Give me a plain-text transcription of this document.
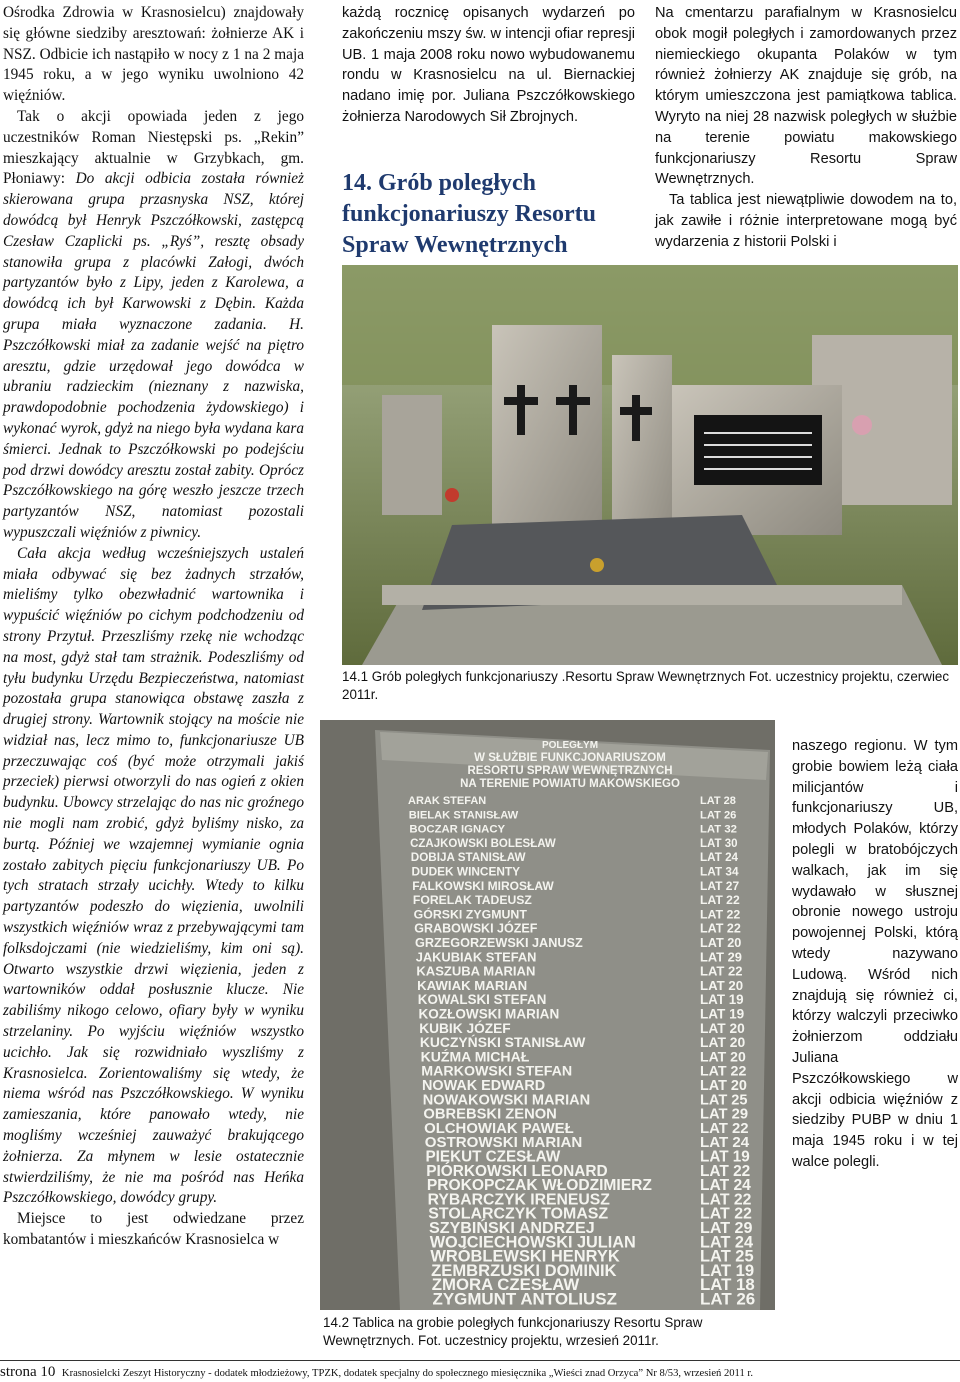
Ośrodka Zdrowia w Krasnosielcu) znajdowały się główne siedziby aresztowań: żołnierze AK i NSZ. Odbicie ich nastąpiło w nocy z 1 na 2 maja 1945 roku, a w jego wyniku uwolniono 42 więźniów.

Tak o akcji opowiada jeden z jego uczestników Roman Niestępski ps. „Rekin” mieszkający aktualnie w Grzybkach, gm. Płoniawy: Do akcji odbicia została również skierowana grupa przasnyska NSZ, której dowódcą był Henryk Pszczółkowski, zastępcą Czesław Czaplicki ps. „Ryś”, resztę obsady stanowiła grupa z placówki Załogi, dwóch partyzantów było z Lipy, jeden z Karolewa, a dowódcą ich był Karwowski z Dębin. Każda grupa miała wyznaczone zadania. H. Pszczółkowski miał za zadanie wejść na piętro aresztu, gdzie urzędował jego dowódca w ubraniu radzieckim (nieznany z nazwiska, prawdopodobnie pochodzenia żydowskiego) i wykonać wyrok, gdyż na niego była wydana kara śmierci. Jednak to Pszczółkowski po podejściu pod drzwi dowódcy aresztu został zabity. Oprócz Pszczółkowskiego na górę weszło jeszcze trzech partyzantów NSZ, natomiast pozostali wypuszczali więźniów z piwnicy.

Cała akcja według wcześniejszych ustaleń miała odbywać się bez żadnych strzałów, mieliśmy tylko obezwładnić wartownika i wypuścić więźniów po cichym podchodzeniu od strony Przytuł. Przeszliśmy rzekę nie wchodząc na most, gdyż stał tam strażnik. Podeszliśmy od tyłu budynku Urzędu Bezpieczeństwa, natomiast pozostała grupa stanowiąca obstawę zaszła z drugiej strony. Wartownik stojący na moście nie widział nas, lecz mimo to, funkcjonariusze UB przeczuwając coś (być może otrzymali jakiś przeciek) pierwsi otworzyli do nas ogień z okien budynku. Ubowcy strzelając do nas nic groźnego nie mogli nam zrobić, gdyż byliśmy nisko, za burtą. Później we wzajemnej wymianie ognia zostało zabitych pięciu funkcjonariuszy UB. Po tych stratach strzały ucichły. Wtedy to kilku partyzantów podeszło do więzienia, uwolnili wszystkich więźniów wraz z przebywającymi tam folksdojczami (nie wiedzieliśmy, kim oni są). Otwarto wszystkie drzwi więzienia, jeden z wartowników oddał posłusznie klucze. Nie zabiliśmy nikogo celowo, ofiary były w wyniku strzelaniny. Po wyjściu więźniów wszystko ucichło. Jak się rozwidniało wyszliśmy z Krasnosielca. Zorientowaliśmy się wtedy, że niema wśród nas Pszczółkowskiego. W wyniku zamieszania, które panowało wtedy, nie mogliśmy wcześniej zauważyć brakującego żołnierza. Za młynem w lesie ostatecznie stwierdziliśmy, że nie ma pośród nas Heńka Pszczółkowskiego, dowódcy grupy.

Miejsce to jest odwiedzane przez kombatantów i mieszkańców Krasnosielca w

każdą rocznicę opisanych wydarzeń po zakończeniu mszy św. w intencji ofiar represji UB. 1 maja 2008 roku nowo wybudowanemu rondu w Krasnosielcu na ul. Biernackiej nadano imię por. Juliana Pszczółkowskiego żołnierza Narodowych Sił Zbrojnych.

14. Grób poległych
funkcjonariuszy Resortu
Spraw Wewnętrznych

Na cmentarzu parafialnym w Krasnosielcu obok mogił poległych i zamordowanych przez niemieckiego okupanta Polaków w tym również żołnierzy AK znajduje się grób, na którym umieszczona jest pamiątkowa tablica. Wyryto na niej 28 nazwisk poległych w służbie na terenie powiatu makowskiego funkcjonariuszy Resortu Spraw Wewnętrznych.

Ta tablica jest niewątpliwie dowodem na to, jak zawiłe i różnie interpretowane mogą być wydarzenia z historii Polski i

14.1 Grób poległych funkcjonariuszy .Resortu Spraw Wewnętrznych Fot. uczestnicy projektu, czerwiec 2011r.
POLEGŁYM
W SŁUŻBIE FUNKCJONARIUSZOM
RESORTU SPRAW WEWNĘTRZNYCH
NA TERENIE POWIATU MAKOWSKIEGO
ARAK STEFAN	LAT 28
BIELAK STANISŁAW	LAT 26
BOCZAR IGNACY	LAT 32
CZAJKOWSKI BOLESŁAW	LAT 30
DOBIJA STANISŁAW	LAT 24
DUDEK WINCENTY	LAT 34
FALKOWSKI MIROSŁAW	LAT 27
FORELAK TADEUSZ	LAT 22
GÓRSKI ZYGMUNT	LAT 22
GRABOWSKI JÓZEF	LAT 22
GRZEGORZEWSKI JANUSZ	LAT 20
JAKUBIAK STEFAN	LAT 29
KASZUBA MARIAN	LAT 22
KAWIAK MARIAN	LAT 20
KOWALSKI STEFAN	LAT 19
KOZŁOWSKI MARIAN	LAT 19
KUBIK JÓZEF	LAT 20
KUCZYŃSKI STANISŁAW	LAT 20
KUŹMA MICHAŁ	LAT 20
MARKOWSKI STEFAN	LAT 22
NOWAK EDWARD	LAT 20
NOWAKOWSKI MARIAN	LAT 25
OBREBSKI ZENON	LAT 29
OLCHOWIAK PAWEŁ	LAT 22
OSTROWSKI MARIAN	LAT 24
PIEKUT CZESŁAW	LAT 19
PIÓRKOWSKI LEONARD	LAT 22
PROKOPCZAK WŁODZIMIERZ	LAT 24
RYBARCZYK IRENEUSZ	LAT 22
STOLARCZYK TOMASZ	LAT 22
SZYBIŃSKI ANDRZEJ	LAT 29
WOJCIECHOWSKI JULIAN	LAT 24
WRÓBLEWSKI HENRYK	LAT 25
ZEMBRZUSKI DOMINIK	LAT 19
ZMORA CZESŁAW	LAT 18
ZYGMUNT ANTOLIUSZ	LAT 26
14.2 Tablica na grobie poległych funkcjonariuszy Resortu Spraw Wewnętrznych. Fot. uczestnicy projektu, wrzesień 2011r.

naszego regionu. W tym grobie bowiem leżą ciała milicjantów i funkcjonariuszy UB, młodych Polaków, którzy polegli w bratobójczych walkach, jak im się wydawało w słusznej obronie nowego ustroju powojennej Polski, którą wtedy nazywano Ludową. Wśród nich znajdują się również ci, którzy walczyli przeciwko żołnierzom oddziału Juliana Pszczółkowskiego w akcji odbicia więźniów z siedziby PUBP w dniu 1 maja 1945 roku i w tej walce polegli.

strona 10 Krasnosielcki Zeszyt Historyczny - dodatek młodzieżowy, TPZK, dodatek specjalny do społecznego miesięcznika „Wieści znad Orzyca” Nr 8/53, wrzesień 2011 r.
